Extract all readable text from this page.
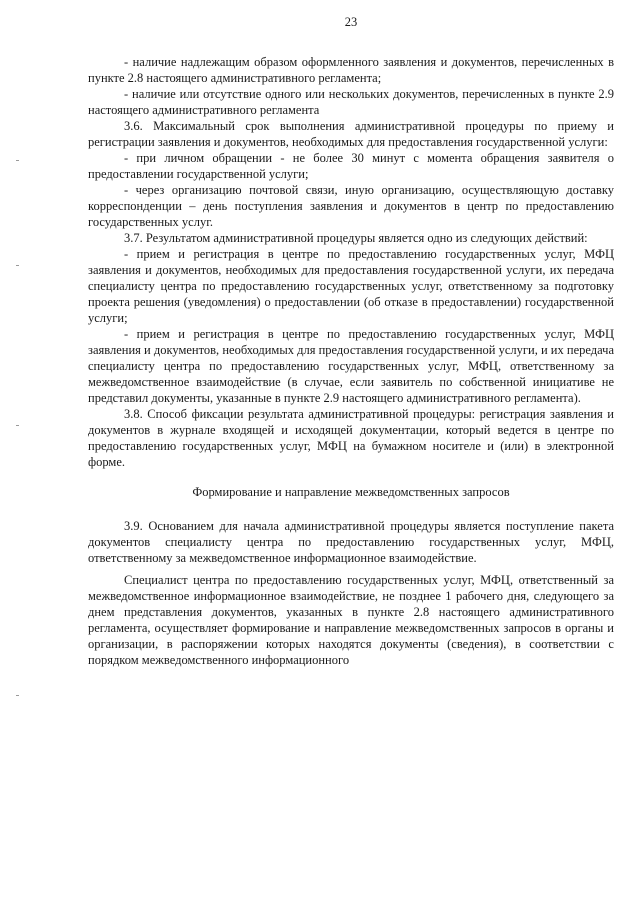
23

- наличие надлежащим образом оформленного заявления и документов, перечисленных в пункте 2.8 настоящего административного регламента;

- наличие или отсутствие одного или нескольких документов, перечисленных в пункте 2.9 настоящего административного регламента

3.6. Максимальный срок выполнения административной процедуры по приему и регистрации заявления и документов, необходимых для предоставления государственной услуги:

- при личном обращении - не более 30 минут с момента обращения заявителя о предоставлении государственной услуги;

- через организацию почтовой связи, иную организацию, осуществляющую доставку корреспонденции – день поступления заявления и документов в центр по предоставлению государственных услуг.

3.7. Результатом административной процедуры является одно из следующих действий:

- прием и регистрация в центре по предоставлению государственных услуг, МФЦ заявления и документов, необходимых для предоставления государственной услуги, их передача специалисту центра по предоставлению государственных услуг, ответственному за подготовку проекта решения (уведомления) о предоставлении (об отказе в предоставлении) государственной услуги;

- прием и регистрация в центре по предоставлению государственных услуг, МФЦ заявления и документов, необходимых для предоставления государственной услуги, и их передача специалисту центра по предоставлению государственных услуг, МФЦ, ответственному за межведомственное взаимодействие (в случае, если заявитель по собственной инициативе не представил документы, указанные в пункте 2.9 настоящего административного регламента).

3.8. Способ фиксации результата административной процедуры: регистрация заявления и документов в журнале входящей и исходящей документации, который ведется в центре по предоставлению государственных услуг, МФЦ на бумажном носителе и (или) в электронной форме.

Формирование и направление межведомственных запросов

3.9. Основанием для начала административной процедуры является поступление пакета документов специалисту центра по предоставлению государственных услуг, МФЦ, ответственному за межведомственное информационное взаимодействие.

Специалист центра по предоставлению государственных услуг, МФЦ, ответственный за межведомственное информационное взаимодействие, не позднее 1 рабочего дня, следующего за днем представления документов, указанных в пункте 2.8 настоящего административного регламента, осуществляет формирование и направление межведомственных запросов в органы и организации, в распоряжении которых находятся документы (сведения), в соответствии с порядком межведомственного информационного
